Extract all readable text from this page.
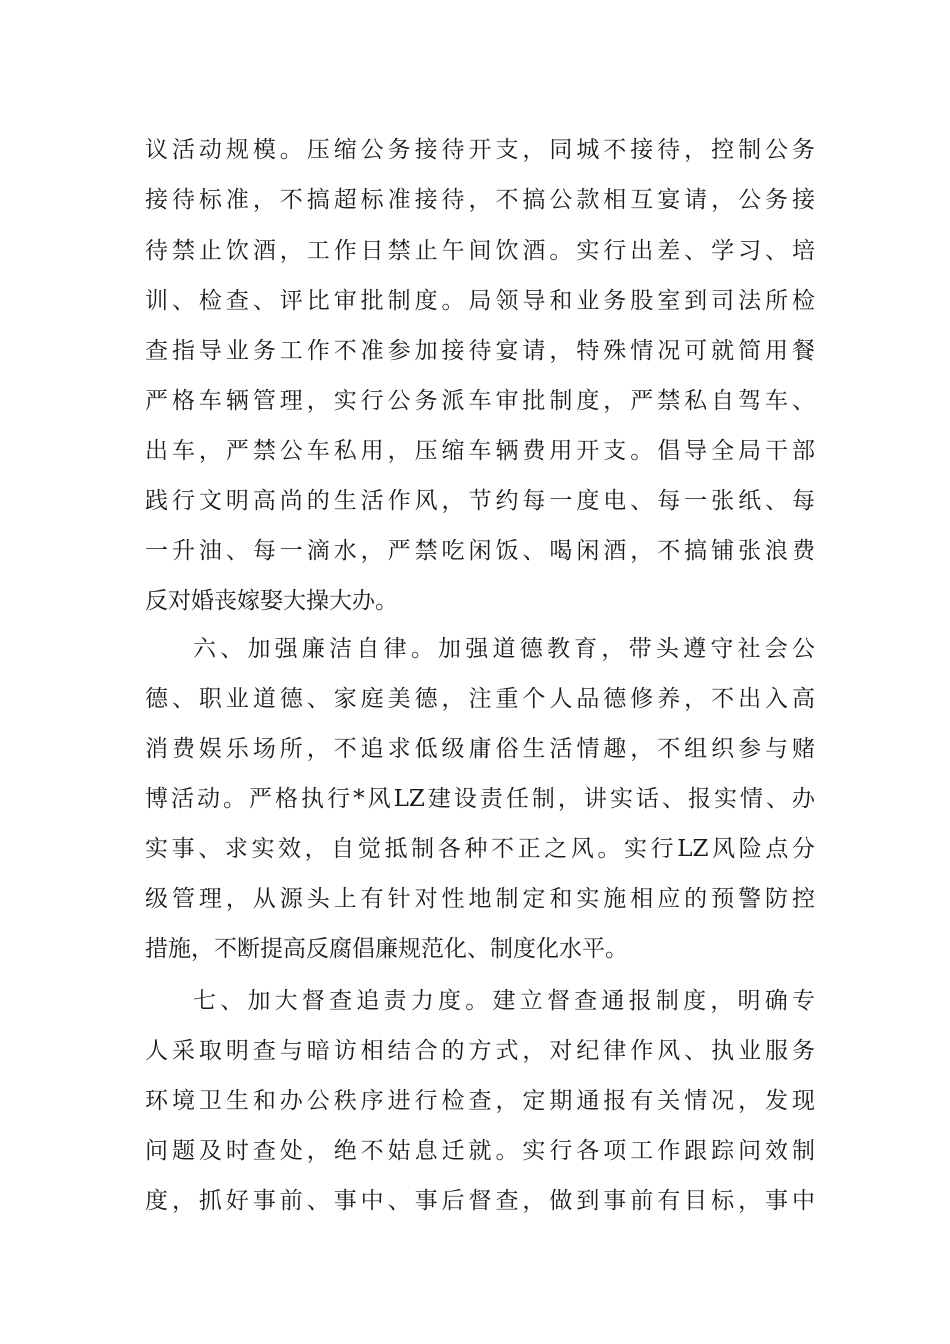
议活动规模。压缩公务接待开支，同城不接待，控制公务
接待标准，不搞超标准接待，不搞公款相互宴请，公务接
待禁止饮酒，工作日禁止午间饮酒。实行出差、学习、培
训、检查、评比审批制度。局领导和业务股室到司法所检
查指导业务工作不准参加接待宴请，特殊情况可就简用餐
严格车辆管理，实行公务派车审批制度，严禁私自驾车、
出车，严禁公车私用，压缩车辆费用开支。倡导全局干部
践行文明高尚的生活作风，节约每一度电、每一张纸、每
一升油、每一滴水，严禁吃闲饭、喝闲酒，不搞铺张浪费
反对婚丧嫁娶大操大办。
六、加强廉洁自律。加强道德教育，带头遵守社会公
德、职业道德、家庭美德，注重个人品德修养，不出入高
消费娱乐场所，不追求低级庸俗生活情趣，不组织参与赌
博活动。严格执行*风LZ建设责任制，讲实话、报实情、办
实事、求实效，自觉抵制各种不正之风。实行LZ风险点分
级管理，从源头上有针对性地制定和实施相应的预警防控
措施，不断提高反腐倡廉规范化、制度化水平。
七、加大督查追责力度。建立督查通报制度，明确专
人采取明查与暗访相结合的方式，对纪律作风、执业服务
环境卫生和办公秩序进行检查，定期通报有关情况，发现
问题及时查处，绝不姑息迁就。实行各项工作跟踪问效制
度，抓好事前、事中、事后督查，做到事前有目标，事中
